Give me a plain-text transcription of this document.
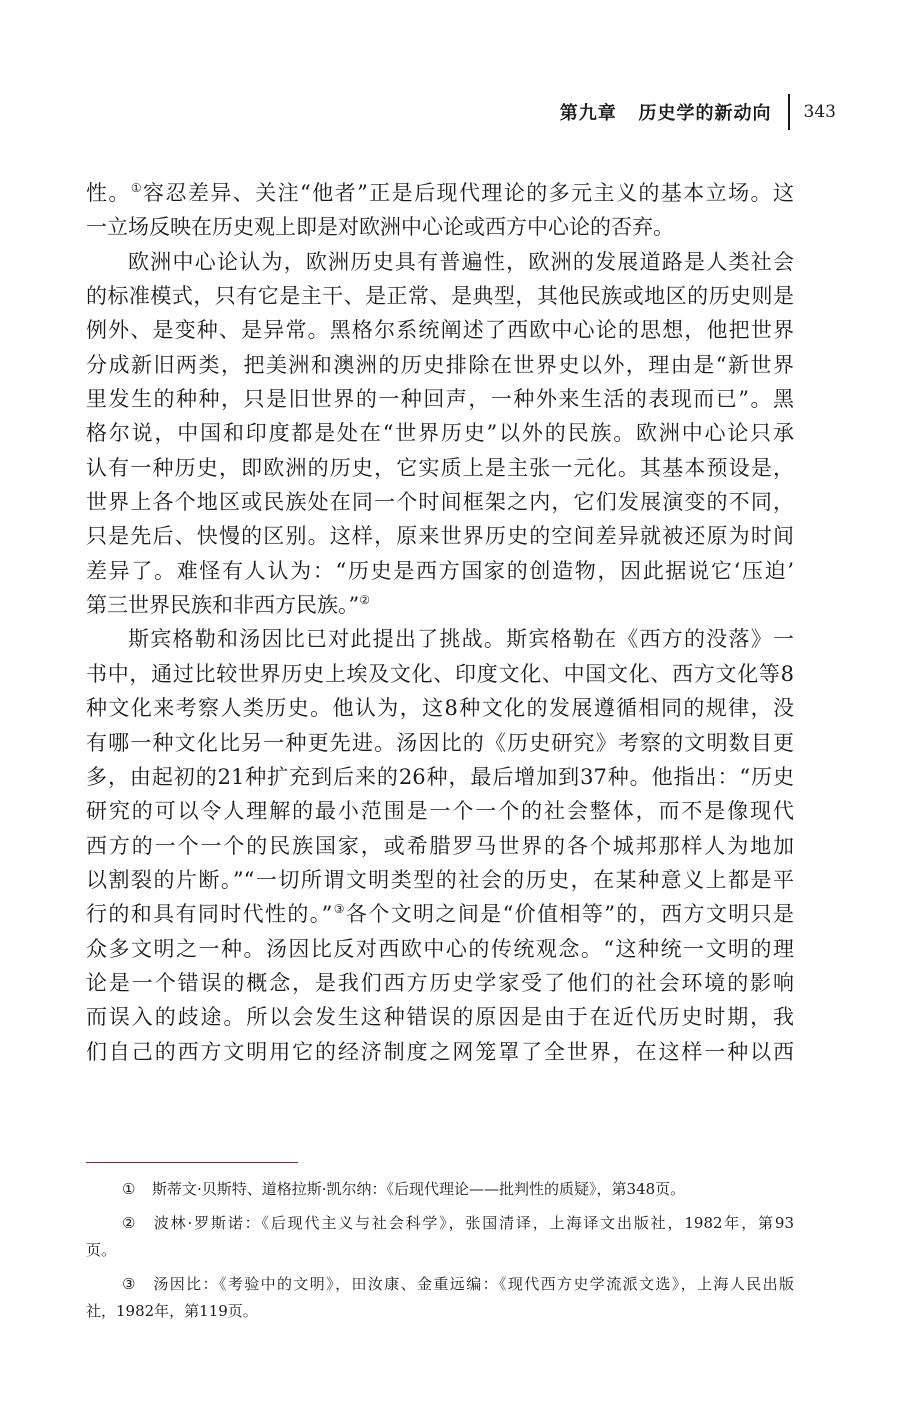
第九章   历史学的新动向 343
性。①容忍差异、关注“他者”正是后现代理论的多元主义的基本立场。这
一立场反映在历史观上即是对欧洲中心论或西方中心论的否弃。
欧洲中心论认为，欧洲历史具有普遍性，欧洲的发展道路是人类社会
的标准模式，只有它是主干、是正常、是典型，其他民族或地区的历史则是
例外、是变种、是异常。黑格尔系统阐述了西欧中心论的思想，他把世界
分成新旧两类，把美洲和澳洲的历史排除在世界史以外，理由是“新世界
里发生的种种，只是旧世界的一种回声，一种外来生活的表现而已”。黑
格尔说，中国和印度都是处在“世界历史”以外的民族。欧洲中心论只承
认有一种历史，即欧洲的历史，它实质上是主张一元化。其基本预设是，
世界上各个地区或民族处在同一个时间框架之内，它们发展演变的不同，
只是先后、快慢的区别。这样，原来世界历史的空间差异就被还原为时间
差异了。难怪有人认为：“历史是西方国家的创造物，因此据说它‘压迫’
第三世界民族和非西方民族。”②
斯宾格勒和汤因比已对此提出了挑战。斯宾格勒在《西方的没落》一
书中，通过比较世界历史上埃及文化、印度文化、中国文化、西方文化等8
种文化来考察人类历史。他认为，这8种文化的发展遵循相同的规律，没
有哪一种文化比另一种更先进。汤因比的《历史研究》考察的文明数目更
多，由起初的21种扩充到后来的26种，最后增加到37种。他指出：“历史
研究的可以令人理解的最小范围是一个一个的社会整体，而不是像现代
西方的一个一个的民族国家，或希腊罗马世界的各个城邦那样人为地加
以割裂的片断。”“一切所谓文明类型的社会的历史，在某种意义上都是平
行的和具有同时代性的。”③各个文明之间是“价值相等”的，西方文明只是
众多文明之一种。汤因比反对西欧中心的传统观念。“这种统一文明的理
论是一个错误的概念，是我们西方历史学家受了他们的社会环境的影响
而误入的歧途。所以会发生这种错误的原因是由于在近代历史时期，我
们自己的西方文明用它的经济制度之网笼罩了全世界，在这样一种以西
① 斯蒂文·贝斯特、道格拉斯·凯尔纳：《后现代理论——批判性的质疑》，第348页。
② 波林·罗斯诺：《后现代主义与社会科学》，张国清译，上海译文出版社，1982年，第93
页。
③ 汤因比：《考验中的文明》，田汝康、金重远编：《现代西方史学流派文选》，上海人民出版
社，1982年，第119页。
